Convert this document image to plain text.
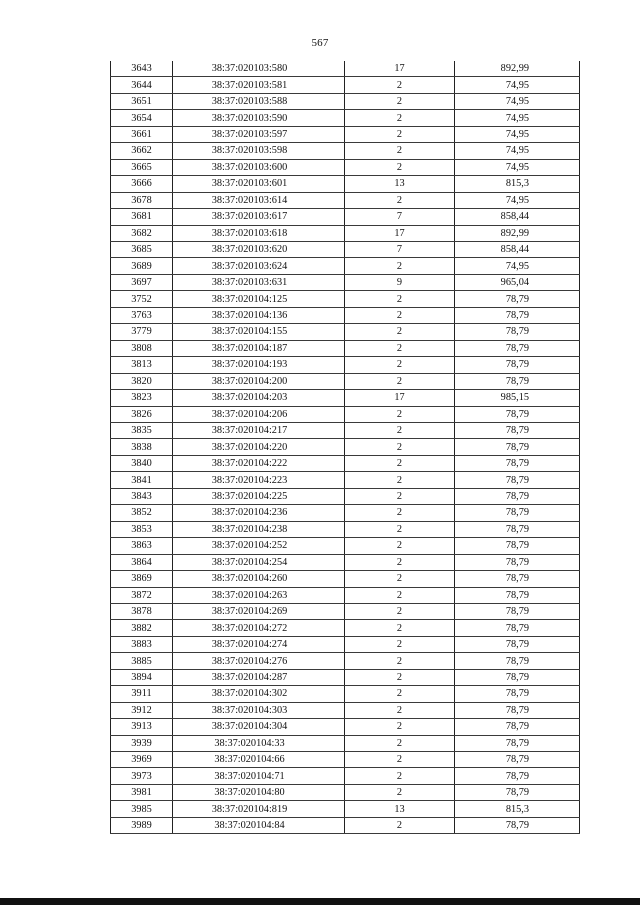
567
3643	38:37:020103:580	17	892,99
3644	38:37:020103:581	2	74,95
3651	38:37:020103:588	2	74,95
3654	38:37:020103:590	2	74,95
3661	38:37:020103:597	2	74,95
3662	38:37:020103:598	2	74,95
3665	38:37:020103:600	2	74,95
3666	38:37:020103:601	13	815,3
3678	38:37:020103:614	2	74,95
3681	38:37:020103:617	7	858,44
3682	38:37:020103:618	17	892,99
3685	38:37:020103:620	7	858,44
3689	38:37:020103:624	2	74,95
3697	38:37:020103:631	9	965,04
3752	38:37:020104:125	2	78,79
3763	38:37:020104:136	2	78,79
3779	38:37:020104:155	2	78,79
3808	38:37:020104:187	2	78,79
3813	38:37:020104:193	2	78,79
3820	38:37:020104:200	2	78,79
3823	38:37:020104:203	17	985,15
3826	38:37:020104:206	2	78,79
3835	38:37:020104:217	2	78,79
3838	38:37:020104:220	2	78,79
3840	38:37:020104:222	2	78,79
3841	38:37:020104:223	2	78,79
3843	38:37:020104:225	2	78,79
3852	38:37:020104:236	2	78,79
3853	38:37:020104:238	2	78,79
3863	38:37:020104:252	2	78,79
3864	38:37:020104:254	2	78,79
3869	38:37:020104:260	2	78,79
3872	38:37:020104:263	2	78,79
3878	38:37:020104:269	2	78,79
3882	38:37:020104:272	2	78,79
3883	38:37:020104:274	2	78,79
3885	38:37:020104:276	2	78,79
3894	38:37:020104:287	2	78,79
3911	38:37:020104:302	2	78,79
3912	38:37:020104:303	2	78,79
3913	38:37:020104:304	2	78,79
3939	38:37:020104:33	2	78,79
3969	38:37:020104:66	2	78,79
3973	38:37:020104:71	2	78,79
3981	38:37:020104:80	2	78,79
3985	38:37:020104:819	13	815,3
3989	38:37:020104:84	2	78,79
